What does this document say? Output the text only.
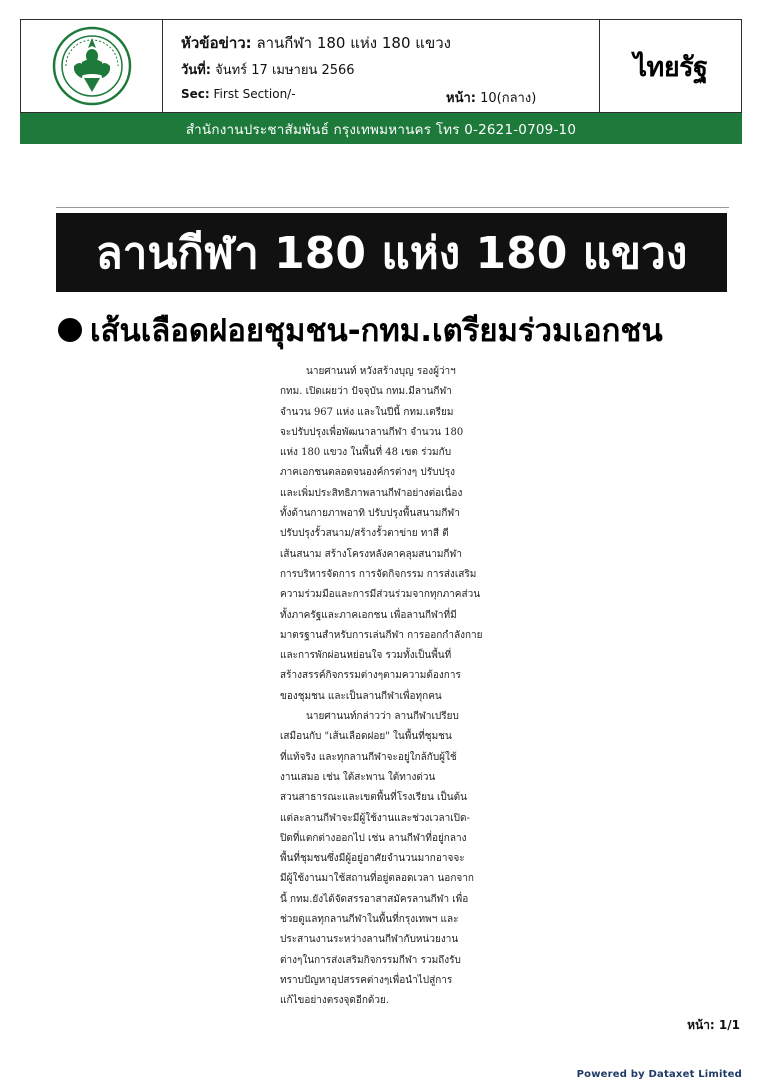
หัวข้อข่าว: ลานกีฬา 180 แห่ง 180 แขวง
วันที่: จันทร์ 17 เมษายน 2566
Sec: First Section/-	หน้า: 10(กลาง)
ไทยรัฐ
สำนักงานประชาสัมพันธ์ กรุงเทพมหานคร โทร 0-2621-0709-10
ลานกีฬา 180 แห่ง 180 แขวง
เส้นเลือดฝอยชุมชน-กทม.เตรียมร่วมเอกชน
นายศานนท์ หวังสร้างบุญ รองผู้ว่าฯ
กทม. เปิดเผยว่า ปัจจุบัน กทม.มีลานกีฬา
จำนวน 967 แห่ง และในปีนี้ กทม.เตรียม
จะปรับปรุงเพื่อพัฒนาลานกีฬา จำนวน 180
แห่ง 180 แขวง ในพื้นที่ 48 เขต ร่วมกับ
ภาคเอกชนตลอดจนองค์กรต่างๆ ปรับปรุง
และเพิ่มประสิทธิภาพลานกีฬาอย่างต่อเนื่อง
ทั้งด้านกายภาพอาทิ ปรับปรุงพื้นสนามกีฬา
ปรับปรุงรั้วสนาม/สร้างรั้วตาข่าย ทาสี ตี
เส้นสนาม สร้างโครงหลังคาคลุมสนามกีฬา
การบริหารจัดการ การจัดกิจกรรม การส่งเสริม
ความร่วมมือและการมีส่วนร่วมจากทุกภาคส่วน
ทั้งภาครัฐและภาคเอกชน เพื่อลานกีฬาที่มี
มาตรฐานสำหรับการเล่นกีฬา การออกกำลังกาย
และการพักผ่อนหย่อนใจ รวมทั้งเป็นพื้นที่
สร้างสรรค์กิจกรรมต่างๆตามความต้องการ
ของชุมชน และเป็นลานกีฬาเพื่อทุกคน
นายศานนท์กล่าวว่า ลานกีฬาเปรียบ
เสมือนกับ "เส้นเลือดฝอย" ในพื้นที่ชุมชน
ที่แท้จริง และทุกลานกีฬาจะอยู่ใกล้กับผู้ใช้
งานเสมอ เช่น ใต้สะพาน ใต้ทางด่วน
สวนสาธารณะและเขตพื้นที่โรงเรียน เป็นต้น
แต่ละลานกีฬาจะมีผู้ใช้งานและช่วงเวลาเปิด-
ปิดที่แตกต่างออกไป เช่น ลานกีฬาที่อยู่กลาง
พื้นที่ชุมชนซึ่งมีผู้อยู่อาศัยจำนวนมากอาจจะ
มีผู้ใช้งานมาใช้สถานที่อยู่ตลอดเวลา นอกจาก
นี้ กทม.ยังได้จัดสรรอาสาสมัครลานกีฬา เพื่อ
ช่วยดูแลทุกลานกีฬาในพื้นที่กรุงเทพฯ และ
ประสานงานระหว่างลานกีฬากับหน่วยงาน
ต่างๆในการส่งเสริมกิจกรรมกีฬา รวมถึงรับ
ทราบปัญหาอุปสรรคต่างๆเพื่อนำไปสู่การ
แก้ไขอย่างตรงจุดอีกด้วย.
หน้า: 1/1
Powered by Dataxet Limited
